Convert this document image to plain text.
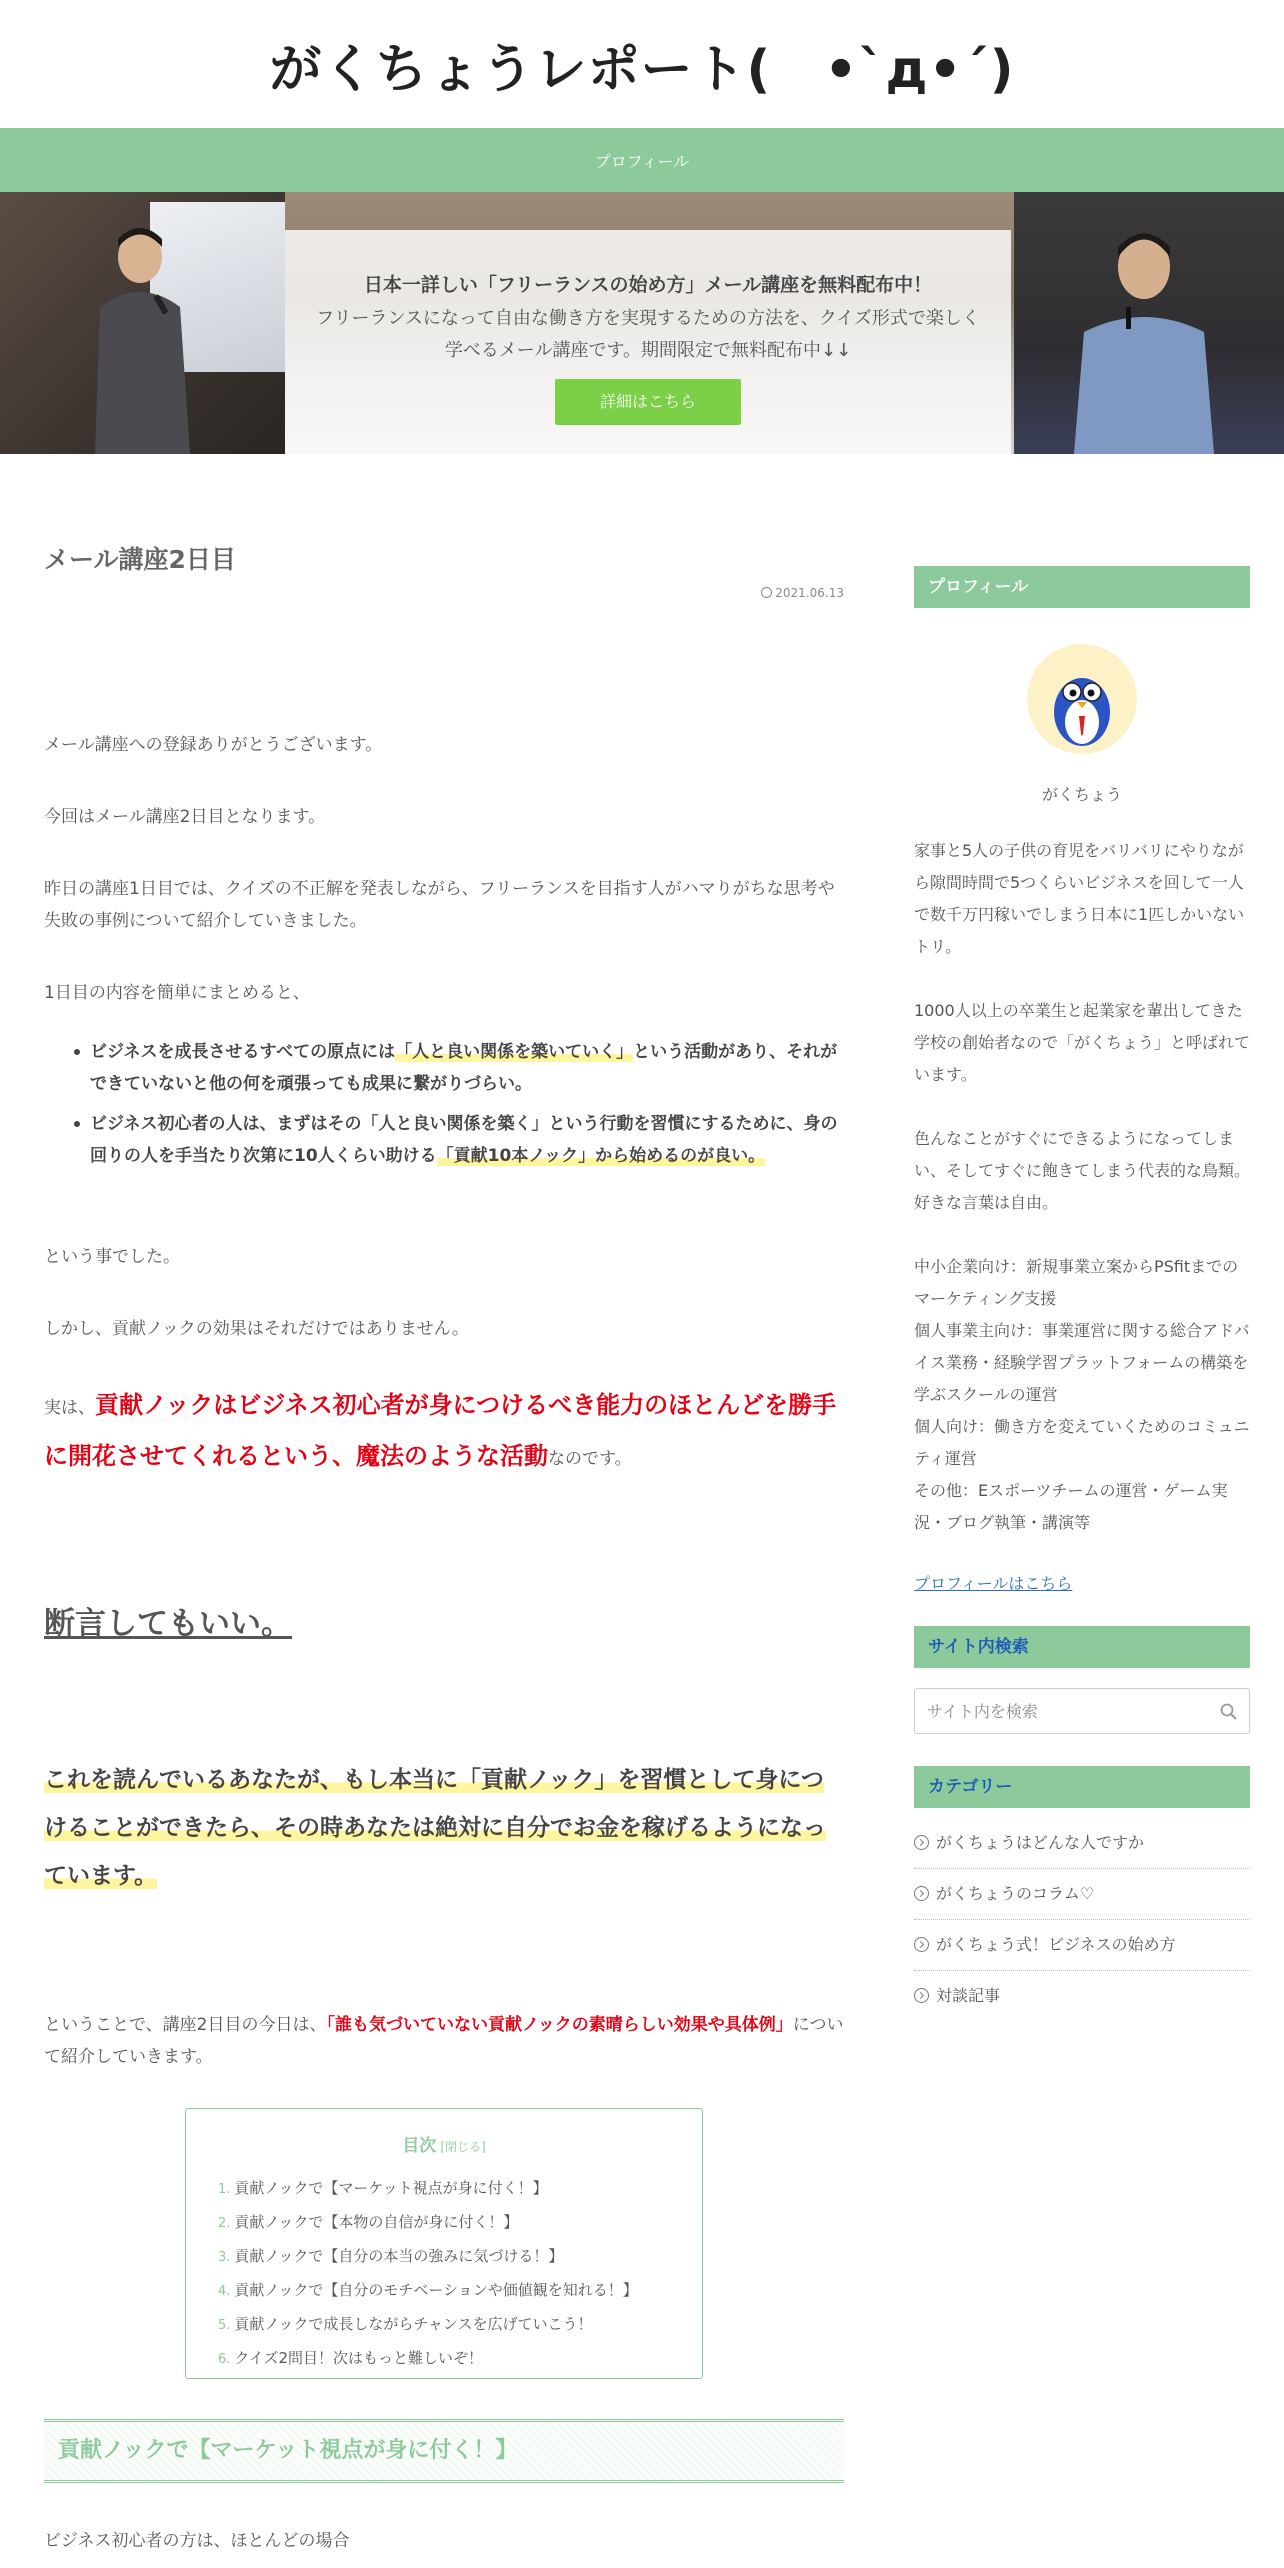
がくちょうレポート(　•`д•´)
プロフィール
日本一詳しい「フリーランスの始め方」メール講座を無料配布中！
フリーランスになって自由な働き方を実現するための方法を、クイズ形式で楽しく学べるメール講座です。期間限定で無料配布中↓↓
詳細はこちら
メール講座2日目
2021.06.13

メール講座への登録ありがとうございます。

今回はメール講座2日目となります。

昨日の講座1日目では、クイズの不正解を発表しながら、フリーランスを目指す人がハマりがちな思考や失敗の事例について紹介していきました。

1日目の内容を簡単にまとめると、

ビジネスを成長させるすべての原点には「人と良い関係を築いていく」という活動があり、それができていないと他の何を頑張っても成果に繋がりづらい。
ビジネス初心者の人は、まずはその「人と良い関係を築く」という行動を習慣にするために、身の回りの人を手当たり次第に10人くらい助ける「貢献10本ノック」から始めるのが良い。

という事でした。

しかし、貢献ノックの効果はそれだけではありません。

実は、貢献ノックはビジネス初心者が身につけるべき能力のほとんどを勝手に開花させてくれるという、魔法のような活動なのです。

断言してもいい。

これを読んでいるあなたが、もし本当に「貢献ノック」を習慣として身につけることができたら、その時あなたは絶対に自分でお金を稼げるようになっています。

ということで、講座2日目の今日は、「誰も気づいていない貢献ノックの素晴らしい効果や具体例」について紹介していきます。

目次 [閉じる]
1. 貢献ノックで【マーケット視点が身に付く！】
2. 貢献ノックで【本物の自信が身に付く！】
3. 貢献ノックで【自分の本当の強みに気づける！】
4. 貢献ノックで【自分のモチベーションや価値観を知れる！】
5. 貢献ノックで成長しながらチャンスを広げていこう！
6. クイズ2問目！次はもっと難しいぞ！
貢献ノックで【マーケット視点が身に付く！】

ビジネス初心者の方は、ほとんどの場合

プロフィール
がくちょう

家事と5人の子供の育児をバリバリにやりながら隙間時間で5つくらいビジネスを回して一人で数千万円稼いでしまう日本に1匹しかいないトリ。

1000人以上の卒業生と起業家を輩出してきた学校の創始者なので「がくちょう」と呼ばれています。

色んなことがすぐにできるようになってしまい、そしてすぐに飽きてしまう代表的な鳥類。好きな言葉は自由。

中小企業向け：新規事業立案からPSfitまでのマーケティング支援

個人事業主向け：事業運営に関する総合アドバイス業務・経験学習プラットフォームの構築を学ぶスクールの運営

個人向け：働き方を変えていくためのコミュニティ運営

その他：Eスポーツチームの運営・ゲーム実況・ブログ執筆・講演等

プロフィールはこちら
サイト内検索
サイト内を検索
カテゴリー
がくちょうはどんな人ですか
がくちょうのコラム♡
がくちょう式！ビジネスの始め方
対談記事
